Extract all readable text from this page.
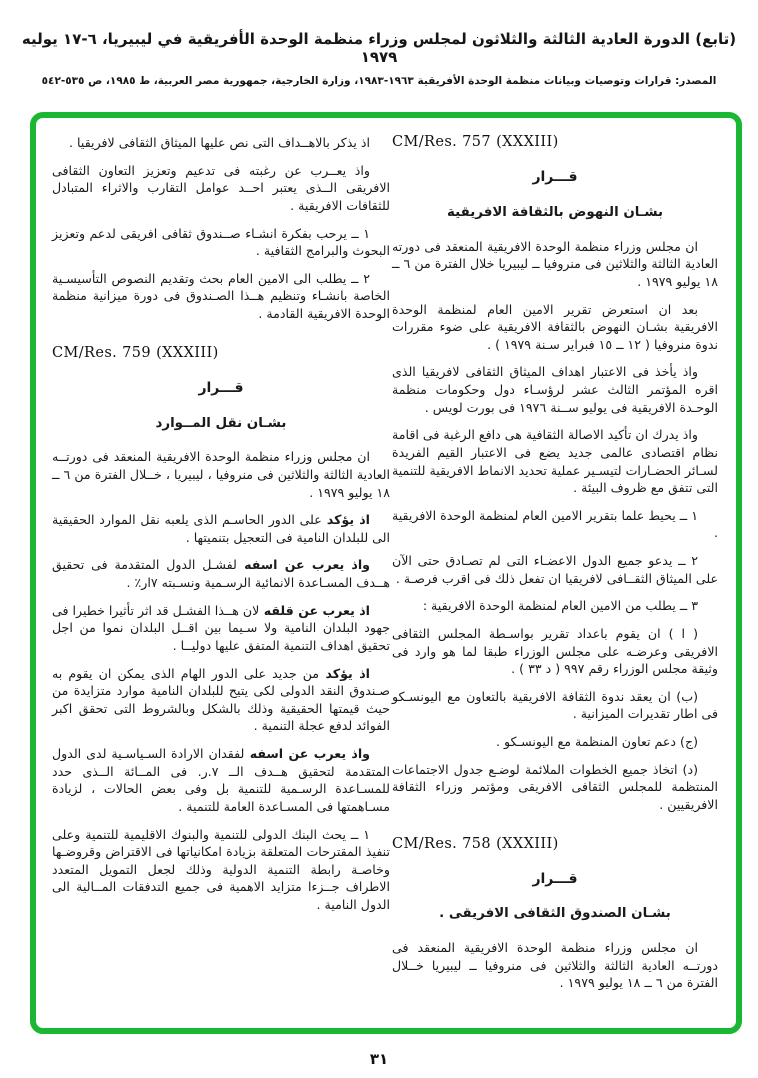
(تابع) الدورة العادية الثالثة والثلاثون لمجلس وزراء منظمة الوحدة الأفريقية في ليبيريا، ٦-١٧ يوليه ١٩٧٩
المصدر: قرارات وتوصيات وبيانات منظمة الوحدة الأفريقية ١٩٦٣-١٩٨٣، وزارة الخارجية، جمهورية مصر العربية، ط ١٩٨٥، ص ٥٣٥-٥٤٢
CM/Res. 757 (XXXIII)
قـــرار
بشـان النهوض بالثقافة الافريقية
ان مجلس وزراء منظمة الوحدة الافريقية المنعقد فى دورته العادية الثالثة والثلاثين فى منروفيا ــ ليبيريا خلال الفترة من ٦ ــ ١٨ يوليو ١٩٧٩ .
بعد ان استعرض تقرير الامين العام لمنظمة الوحدة الافريقية بشـان النهوض بالثقافة الافريقية على ضوء مقررات ندوة منروفيا ( ١٢ ــ ١٥ فبراير سـنة ١٩٧٩ ) .
واذ يأخذ فى الاعتبار اهداف الميثاق الثقافى لافريقيا الذى اقره المؤتمر الثالث عشر لرؤسـاء دول وحكومات منظمة الوحـدة الافريقية فى يوليو ســنة ١٩٧٦ فى بورت لويس .
واذ يدرك ان تأكيد الاصالة الثقافية هى دافع الرغبة فى اقامة نظام اقتصادى عالمى جديد يضع فى الاعتبار القيم الفريدة لسـائر الحضـارات لتيسـير عملية تحديد الانماط الافريقية للتنمية التى تتفق مع ظروف البيئة .
١ ــ يحيط علما بتقرير الامين العام لمنظمة الوحدة الافريقية .
٢ ــ يدعو جميع الدول الاعضـاء التى لم تصـادق حتى الآن على الميثاق الثقــافى لافريقيا ان تفعل ذلك فى اقرب فرصـة .
٣ ــ يطلب من الامين العام لمنظمة الوحدة الافريقية :
( ا ) ان يقوم باعداد تقرير بواسـطة المجلس الثقافى الافريقى وعرضـه على مجلس الوزراء طبقا لما هو وارد فى وثيقة مجلس الوزراء رقم ٩٩٧ ( د ٣٣ ) .
(ب) ان يعقد ندوة الثقافة الافريقية بالتعاون مع اليونسـكو فى اطار تقديرات الميزانية .
(ج) دعم تعاون المنظمة مع اليونسـكو .
(د) اتخاذ جميع الخطوات الملائمة لوضـع جدول الاجتماعات المنتظمة للمجلس الثقافى الافريقى ومؤتمر وزراء الثقافة الافريقيين .
CM/Res. 758 (XXXIII)
قـــرار
بشـان الصندوق الثقافى الافريقى .
ان مجلس وزراء منظمة الوحدة الافريقية المنعقد فى دورتــه العادية الثالثة والثلاثين فى منروفيا ــ ليبيريا خــلال الفترة من ٦ ــ ١٨ يوليو ١٩٧٩ .
اذ يذكر بالاهــداف التى نص عليها الميثاق الثقافى لافريقيا .
واذ يعــرب عن رغبته فى تدعيم وتعزيز التعاون الثقافى الافريقى الــذى يعتبر احــد عوامل التقارب والاثراء المتبادل للثقافات الافريقية .
١ ــ يرحب بفكرة انشـاء صــندوق ثقافى افريقى لدعم وتعزيز البحوث والبرامج الثقافية .
٢ ــ يطلب الى الامين العام بحث وتقديم النصوص التأسيسـية الخاصة بانشـاء وتنظيم هــذا الصـندوق فى دورة ميزانية منظمة الوحدة الافريقية القادمة .
CM/Res. 759 (XXXIII)
قـــرار
بشـان نقل المــوارد
ان مجلس وزراء منظمة الوحدة الافريقية المنعقد فى دورتــه العادية الثالثة والثلاثين فى منروفيا ، ليبيريا ، خــلال الفترة من ٦ ــ ١٨ يوليو ١٩٧٩ .
اذ يؤكد على الدور الحاسـم الذى يلعبه نقل الموارد الحقيقية الى للبلدان النامية فى التعجيل بتنميتها .
واذ يعرب عن اسفه لفشـل الدول المتقدمة فى تحقيق هــدف المسـاعدة الانمائية الرسـمية ونسـبته ٧ار٪ .
اذ يعرب عن قلقه لان هــذا الفشـل قد اثر تأثيرا خطيرا فى جهود البلدان النامية ولا سـيما بين اقــل البلدان نموا من اجل تحقيق اهداف التنمية المتفق عليها دوليــا .
اذ يؤكد من جديد على الدور الهام الذى يمكن ان يقوم به صـندوق النقد الدولى لكى يتيح للبلدان النامية موارد متزايدة من حيث قيمتها الحقيقية وذلك بالشكل وبالشروط التى تحقق اكبر الفوائد لدفع عجلة التنمية .
واذ يعرب عن اسفه لفقدان الارادة السـياسـية لدى الدول المتقدمة لتحقيق هــدف الــ ٧.ر. فى المــائة الــذى حدد للمسـاعدة الرسـمية للتنمية بل وفى بعض الحالات ، لزيادة مسـاهمتها فى المسـاعدة العامة للتنمية .
١ ــ يحث البنك الدولى للتنمية والبنوك الاقليمية للتنمية وعلى تنفيذ المقترحات المتعلقة بزيادة امكانياتها فى الاقتراض وقروضـها وخاصـة رابطة التنمية الدولية وذلك لجعل التمويل المتعدد الاطراف جــزءا متزايد الاهمية فى جميع التدفقات المــالية الى الدول النامية .
٣١
